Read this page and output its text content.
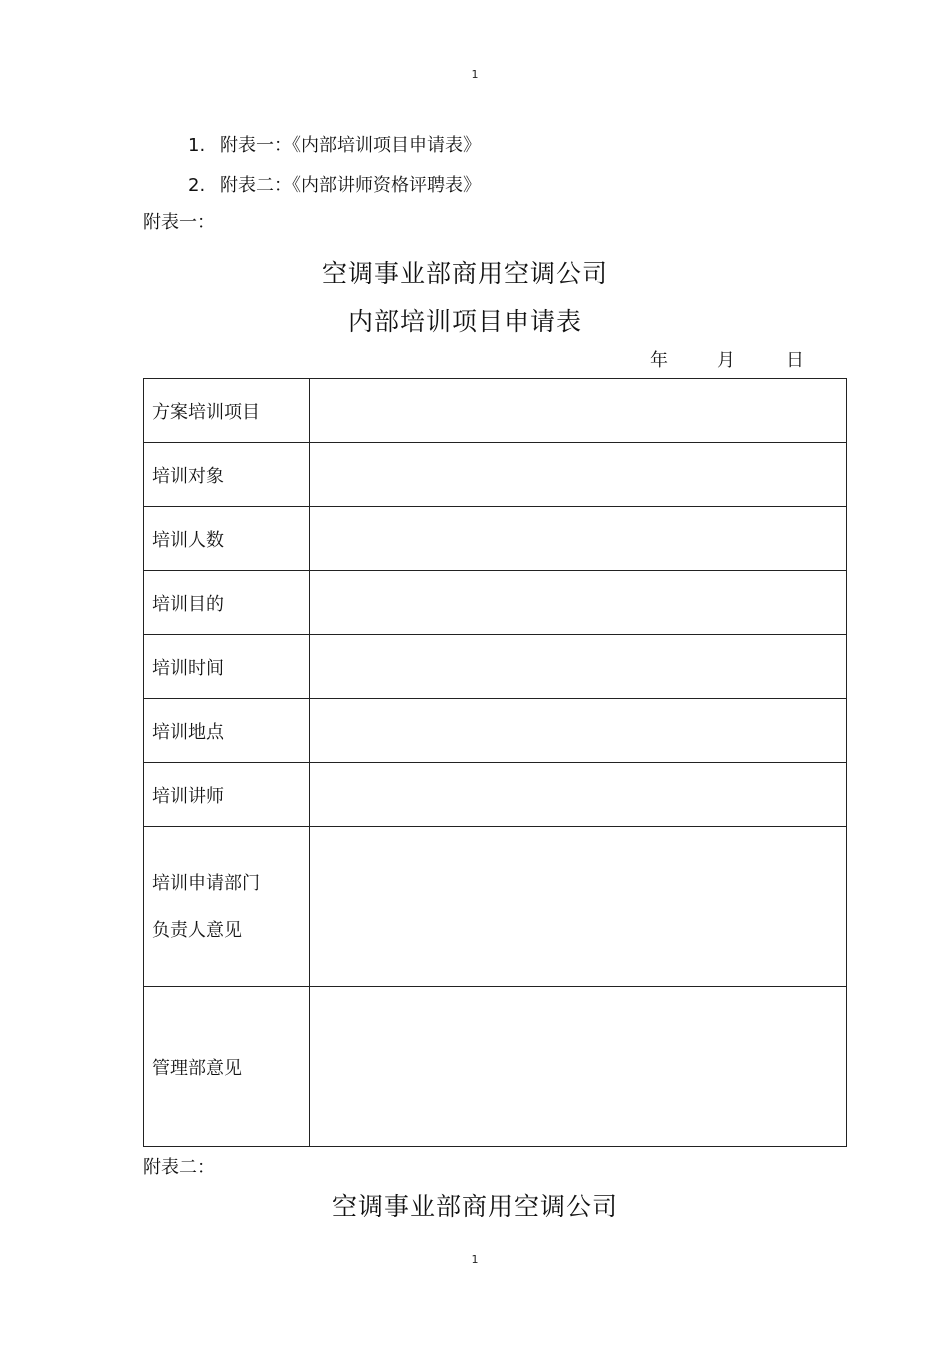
1
1. 附表一：《内部培训项目申请表》
2. 附表二：《内部讲师资格评聘表》
附表一：
空调事业部商用空调公司
内部培训项目申请表
年	月	日
方案培训项目	
培训对象	
培训人数	
培训目的	
培训时间	
培训地点	
培训讲师	

培训申请部门
负责人意见	

管理部意见	
附表二：
空调事业部商用空调公司
1
